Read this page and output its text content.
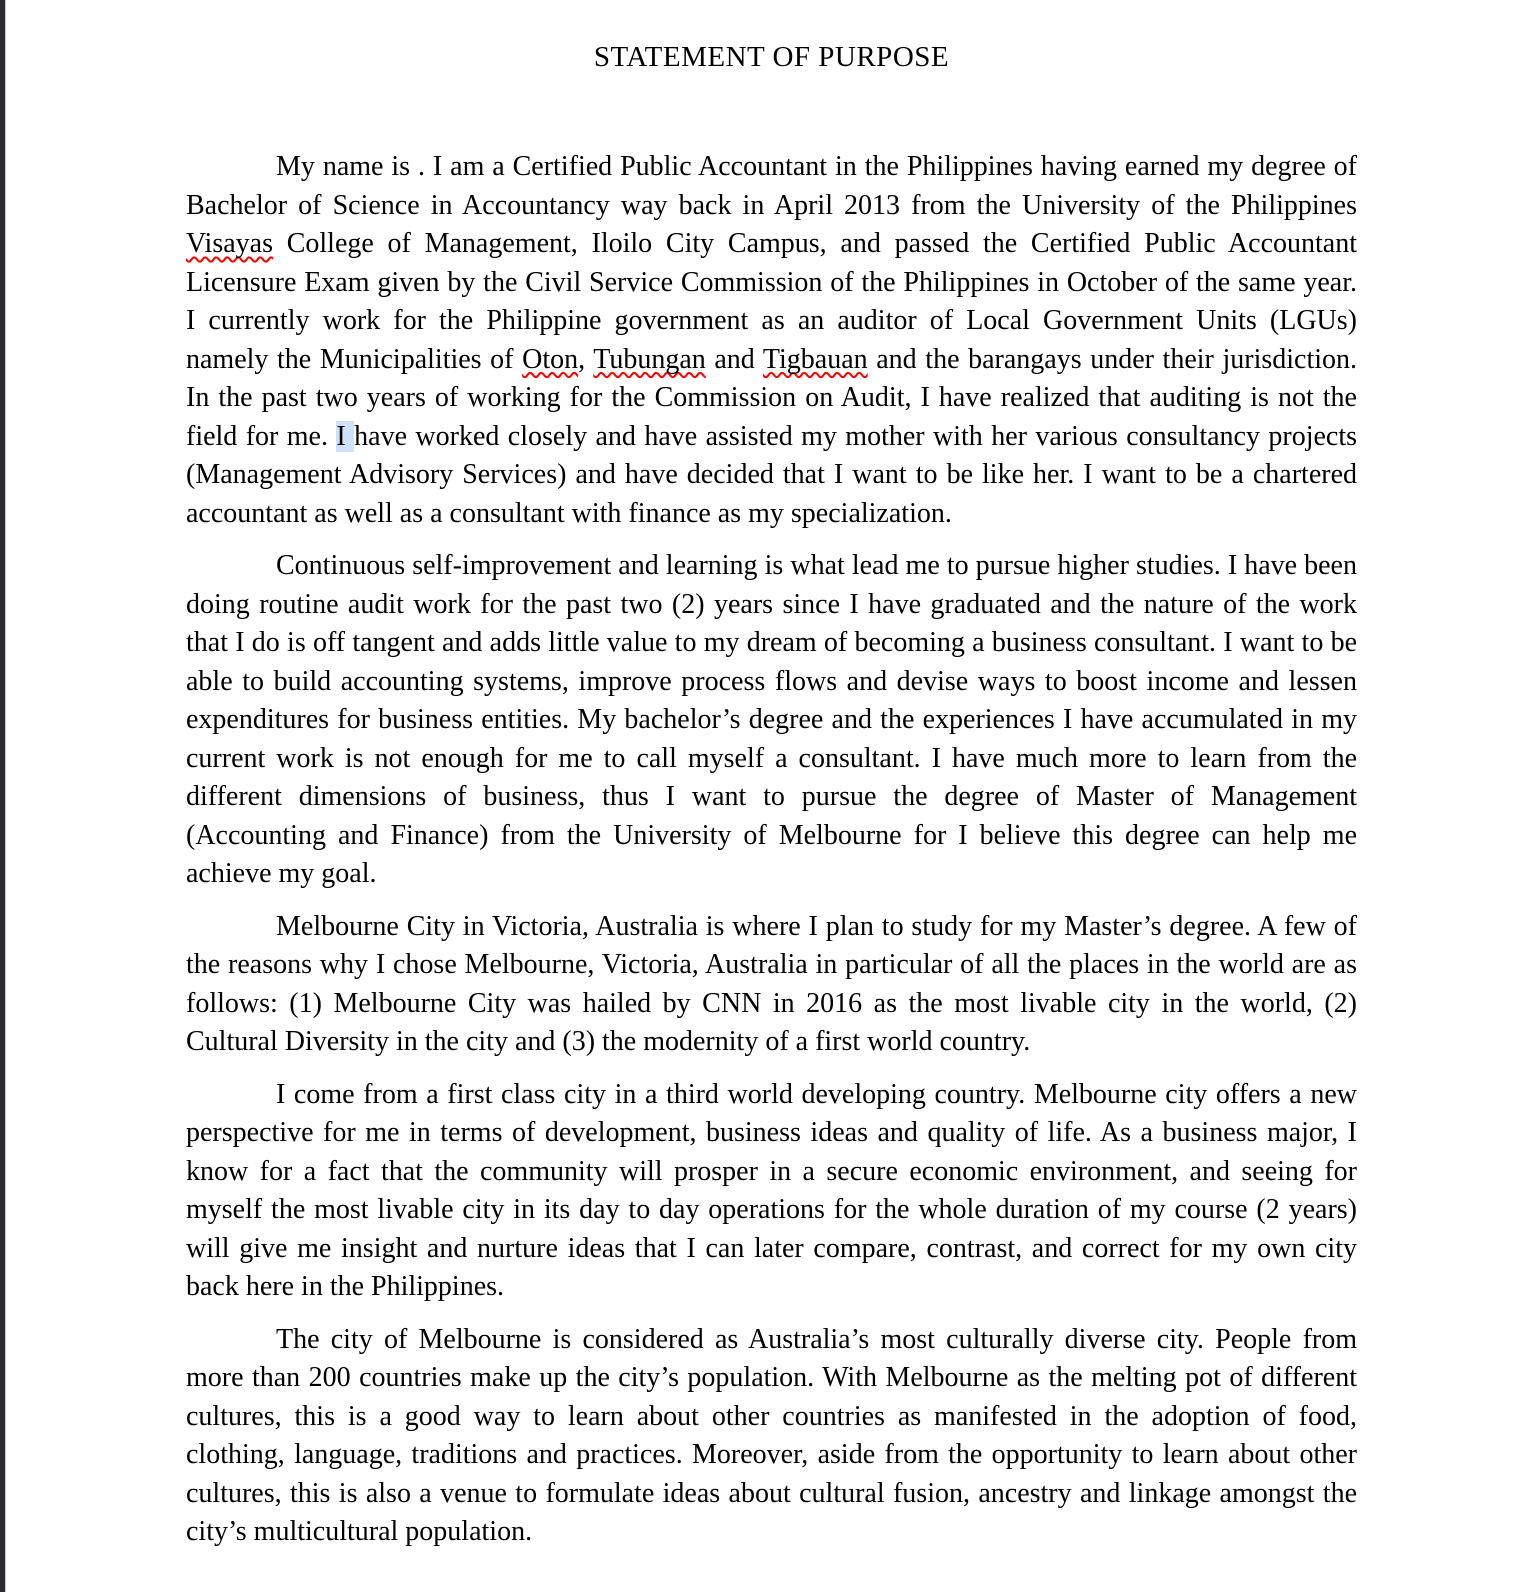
STATEMENT OF PURPOSE

My name is . I am a Certified Public Accountant in the Philippines having earned my degree of Bachelor of Science in Accountancy way back in April 2013 from the University of the Philippines Visayas College of Management, Iloilo City Campus, and passed the Certified Public Accountant Licensure Exam given by the Civil Service Commission of the Philippines in October of the same year. I currently work for the Philippine government as an auditor of Local Government Units (LGUs) namely the Municipalities of Oton, Tubungan and Tigbauan and the barangays under their jurisdiction. In the past two years of working for the Commission on Audit, I have realized that auditing is not the field for me. I have worked closely and have assisted my mother with her various consultancy projects (Management Advisory Services) and have decided that I want to be like her. I want to be a chartered accountant as well as a consultant with finance as my specialization.

Continuous self-improvement and learning is what lead me to pursue higher studies. I have been doing routine audit work for the past two (2) years since I have graduated and the nature of the work that I do is off tangent and adds little value to my dream of becoming a business consultant. I want to be able to build accounting systems, improve process flows and devise ways to boost income and lessen expenditures for business entities. My bachelor’s degree and the experiences I have accumulated in my current work is not enough for me to call myself a consultant. I have much more to learn from the different dimensions of business, thus I want to pursue the degree of Master of Management (Accounting and Finance) from the University of Melbourne for I believe this degree can help me achieve my goal.

Melbourne City in Victoria, Australia is where I plan to study for my Master’s degree. A few of the reasons why I chose Melbourne, Victoria, Australia in particular of all the places in the world are as follows: (1) Melbourne City was hailed by CNN in 2016 as the most livable city in the world, (2) Cultural Diversity in the city and (3) the modernity of a first world country.

I come from a first class city in a third world developing country. Melbourne city offers a new perspective for me in terms of development, business ideas and quality of life. As a business major, I know for a fact that the community will prosper in a secure economic environment, and seeing for myself the most livable city in its day to day operations for the whole duration of my course (2 years) will give me insight and nurture ideas that I can later compare, contrast, and correct for my own city back here in the Philippines.

The city of Melbourne is considered as Australia’s most culturally diverse city. People from more than 200 countries make up the city’s population. With Melbourne as the melting pot of different cultures, this is a good way to learn about other countries as manifested in the adoption of food, clothing, language, traditions and practices. Moreover, aside from the opportunity to learn about other cultures, this is also a venue to formulate ideas about cultural fusion, ancestry and linkage amongst the city’s multicultural population.
